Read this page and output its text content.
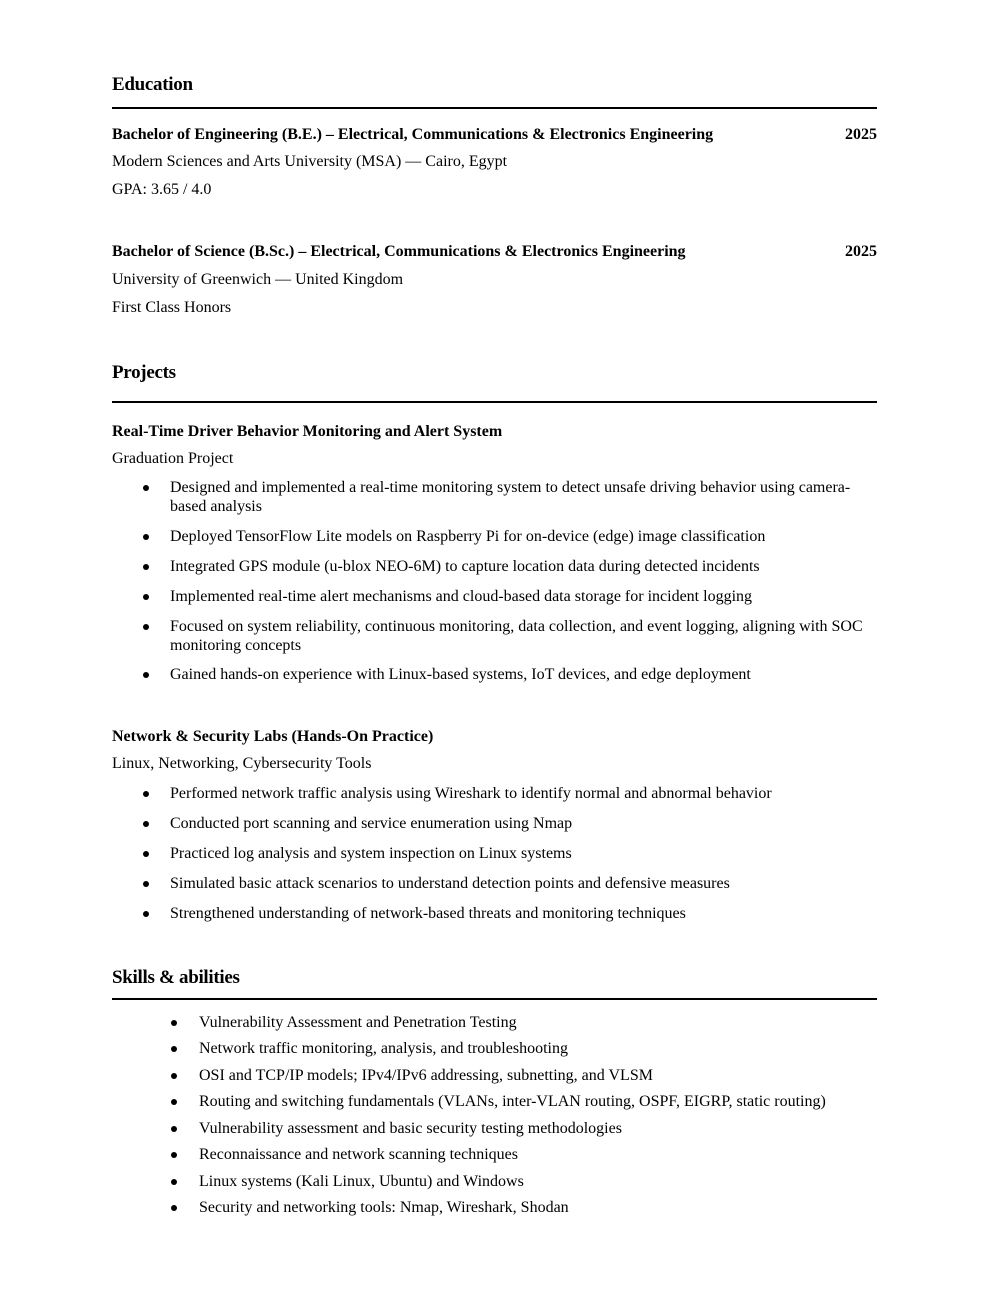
Education
Bachelor of Engineering (B.E.) – Electrical, Communications & Electronics Engineering	2025
Modern Sciences and Arts University (MSA) — Cairo, Egypt
GPA: 3.65 / 4.0
Bachelor of Science (B.Sc.) – Electrical, Communications & Electronics Engineering	2025
University of Greenwich — United Kingdom
First Class Honors
Projects
Real-Time Driver Behavior Monitoring and Alert System
Graduation Project
Designed and implemented a real-time monitoring system to detect unsafe driving behavior using camera-based analysis
Deployed TensorFlow Lite models on Raspberry Pi for on-device (edge) image classification
Integrated GPS module (u-blox NEO-6M) to capture location data during detected incidents
Implemented real-time alert mechanisms and cloud-based data storage for incident logging
Focused on system reliability, continuous monitoring, data collection, and event logging, aligning with SOC monitoring concepts
Gained hands-on experience with Linux-based systems, IoT devices, and edge deployment
Network & Security Labs (Hands-On Practice)
Linux, Networking, Cybersecurity Tools
Performed network traffic analysis using Wireshark to identify normal and abnormal behavior
Conducted port scanning and service enumeration using Nmap
Practiced log analysis and system inspection on Linux systems
Simulated basic attack scenarios to understand detection points and defensive measures
Strengthened understanding of network-based threats and monitoring techniques
Skills & abilities
Vulnerability Assessment and Penetration Testing
Network traffic monitoring, analysis, and troubleshooting
OSI and TCP/IP models; IPv4/IPv6 addressing, subnetting, and VLSM
Routing and switching fundamentals (VLANs, inter-VLAN routing, OSPF, EIGRP, static routing)
Vulnerability assessment and basic security testing methodologies
Reconnaissance and network scanning techniques
Linux systems (Kali Linux, Ubuntu) and Windows
Security and networking tools: Nmap, Wireshark, Shodan
